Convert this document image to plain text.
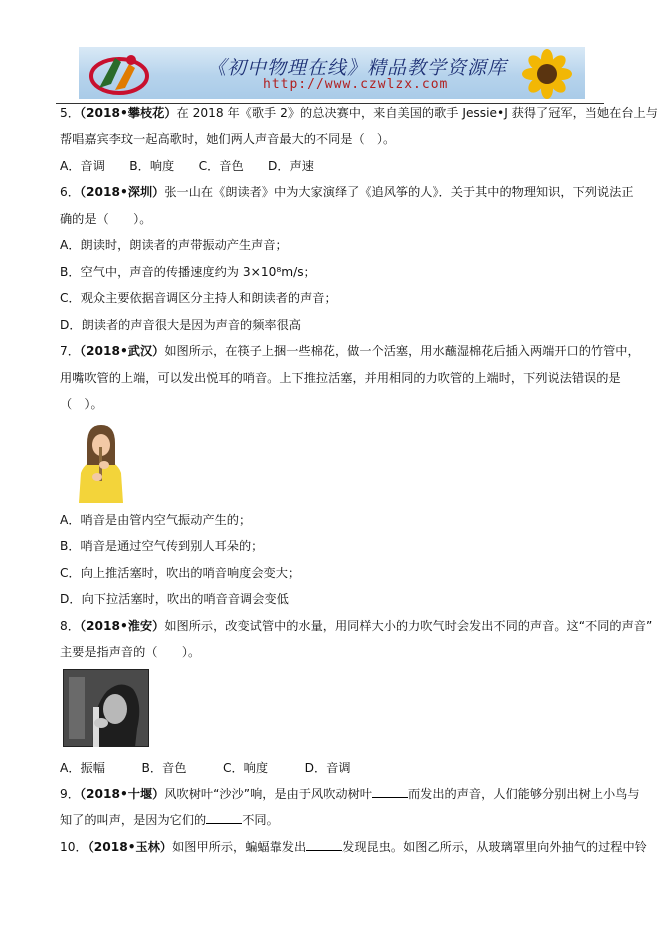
《初中物理在线》精品教学资源库
http://www.czwlzx.com
5．（2018•攀枝花）在 2018 年《歌手 2》的总决赛中，来自美国的歌手 Jessie•J 获得了冠军，当她在台上与
帮唱嘉宾李玟一起高歌时，她们两人声音最大的不同是（　）。
A．音调　　B．响度　　C．音色　　D．声速
6．（2018•深圳）张一山在《朗读者》中为大家演绎了《追风筝的人》．关于其中的物理知识，下列说法正
确的是（　　）。
A．朗读时，朗读者的声带振动产生声音；
B．空气中，声音的传播速度约为 3×10⁸m/s；
C．观众主要依据音调区分主持人和朗读者的声音；
D．朗读者的声音很大是因为声音的频率很高
7．（2018•武汉）如图所示，在筷子上捆一些棉花，做一个活塞，用水蘸湿棉花后插入两端开口的竹管中，
用嘴吹管的上端，可以发出悦耳的哨音。上下推拉活塞，并用相同的力吹管的上端时，下列说法错误的是
（　）。
A．哨音是由管内空气振动产生的；
B．哨音是通过空气传到别人耳朵的；
C．向上推活塞时，吹出的哨音响度会变大；
D．向下拉活塞时，吹出的哨音音调会变低
8．（2018•淮安）如图所示，改变试管中的水量，用同样大小的力吹气时会发出不同的声音。这“不同的声音”
主要是指声音的（　　）。
A．振幅　　　B．音色　　　C．响度　　　D．音调
9．（2018•十堰）风吹树叶“沙沙”响，是由于风吹动树叶	而发出的声音，人们能够分别出树上小鸟与
知了的叫声，是因为它们的	不同。
10．（2018•玉林）如图甲所示，蝙蝠靠发出	发现昆虫。如图乙所示，从玻璃罩里向外抽气的过程中铃
